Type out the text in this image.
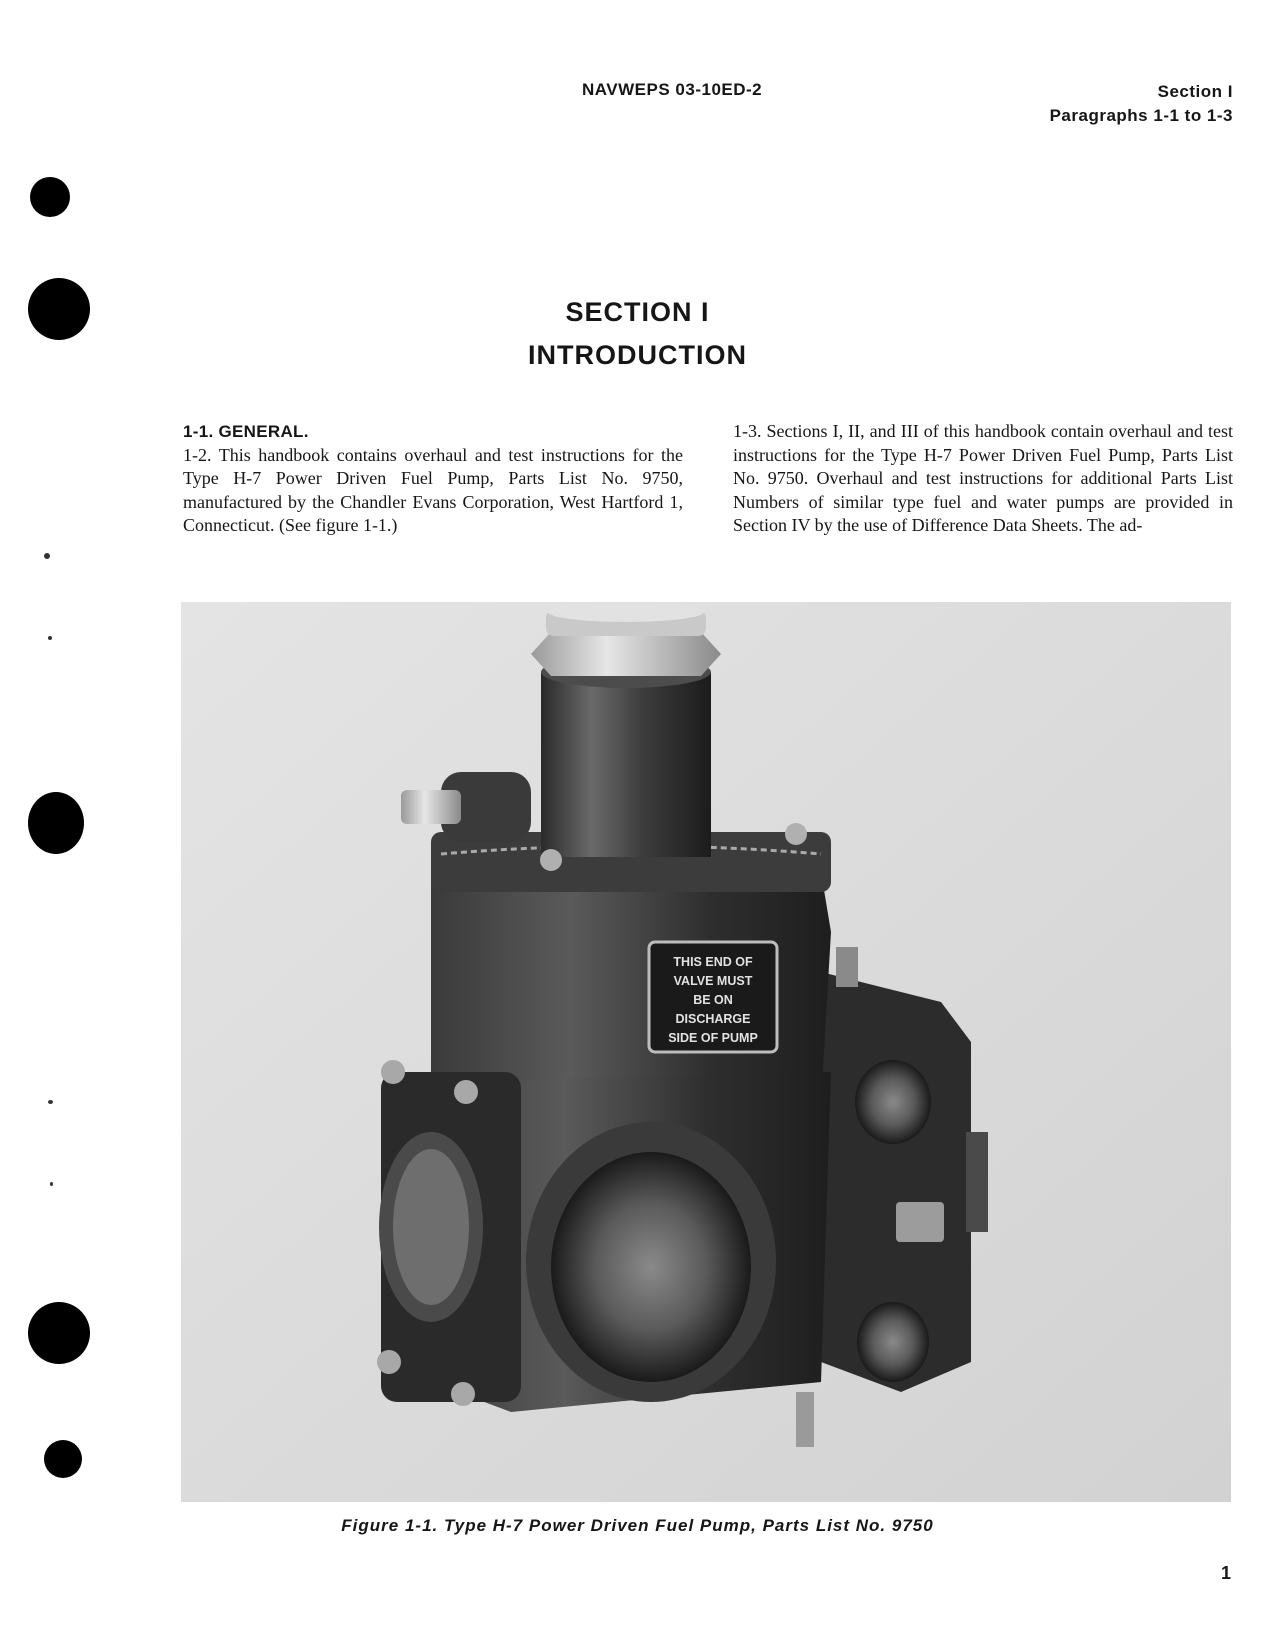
NAVWEPS 03-10ED-2	Section I
Paragraphs 1-1 to 1-3
SECTION I
INTRODUCTION
1-1. GENERAL.
1-2. This handbook contains overhaul and test instructions for the Type H-7 Power Driven Fuel Pump, Parts List No. 9750, manufactured by the Chandler Evans Corporation, West Hartford 1, Connecticut. (See figure 1-1.)
1-3. Sections I, II, and III of this handbook contain overhaul and test instructions for the Type H-7 Power Driven Fuel Pump, Parts List No. 9750. Overhaul and test instructions for additional Parts List Numbers of similar type fuel and water pumps are provided in Section IV by the use of Difference Data Sheets. The ad-
THIS END OF VALVE MUST BE ON DISCHARGE SIDE OF PUMP
Figure 1-1. Type H-7 Power Driven Fuel Pump, Parts List No. 9750
1
